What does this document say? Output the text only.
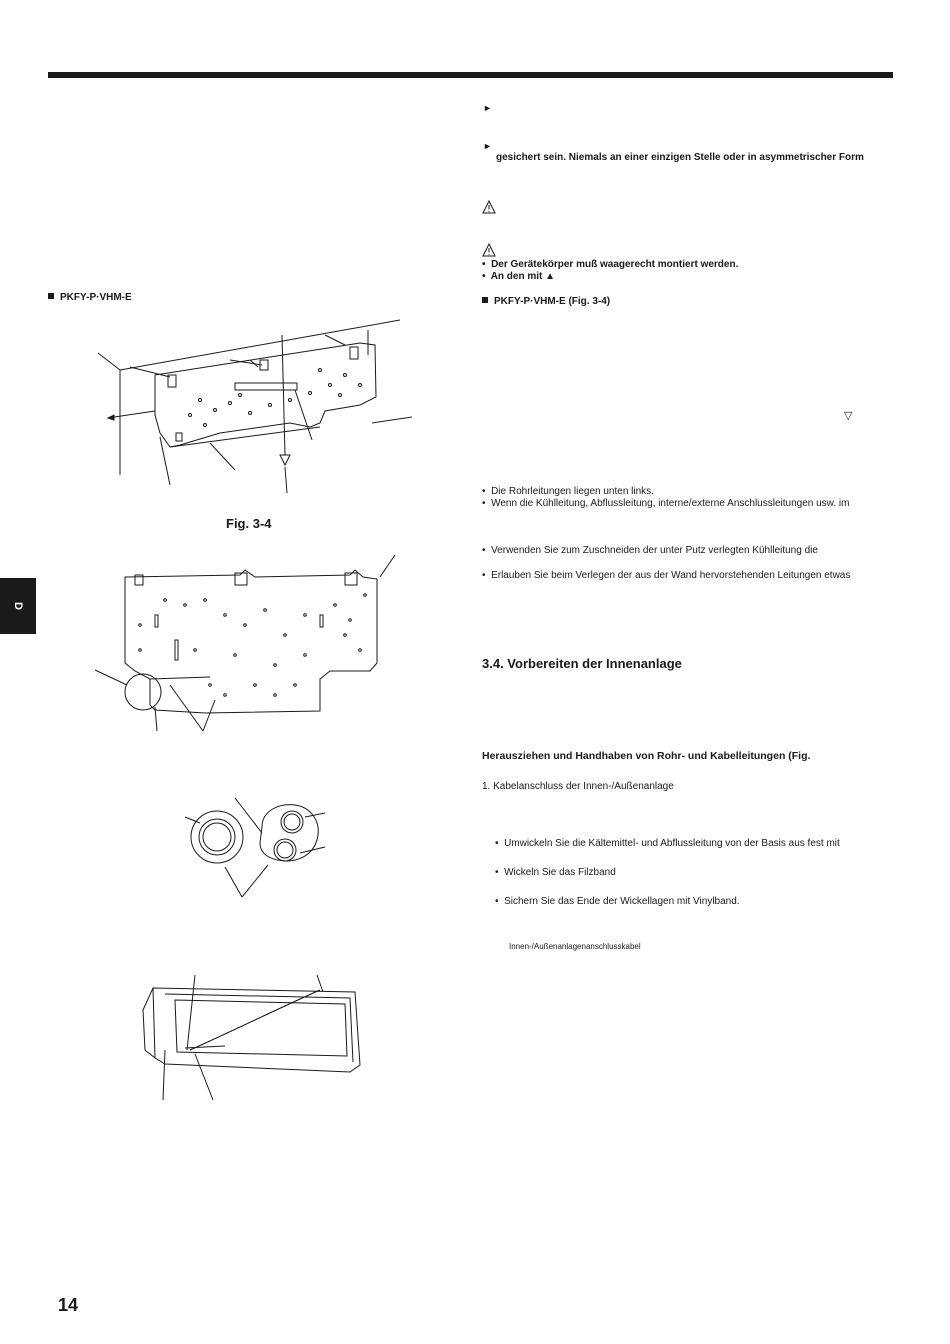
D
PKFY-P·VHM-E
Fig. 3-4
►
►
gesichert sein. Niemals an einer einzigen Stelle oder in asymmetrischer Form
•  Der Gerätekörper muß waagerecht montiert werden.
•  An den mit ▲
PKFY-P·VHM-E (Fig. 3-4)
▽
•  Die Rohrleitungen liegen unten links.
•  Wenn die Kühlleitung, Abflussleitung, interne/externe Anschlussleitungen usw. im
•  Verwenden Sie zum Zuschneiden der unter Putz verlegten Kühlleitung die
•  Erlauben Sie beim Verlegen der aus der Wand hervorstehenden Leitungen etwas
3.4. Vorbereiten der Innenanlage
Herausziehen und Handhaben von Rohr- und Kabelleitungen (Fig.
1. Kabelanschluss der Innen-/Außenanlage
•  Umwickeln Sie die Kältemittel- und Abflussleitung von der Basis aus fest mit
•  Wickeln Sie das Filzband
•  Sichern Sie das Ende der Wickellagen mit Vinylband.
Innen-/Außenanlagenanschlusskabel
14
